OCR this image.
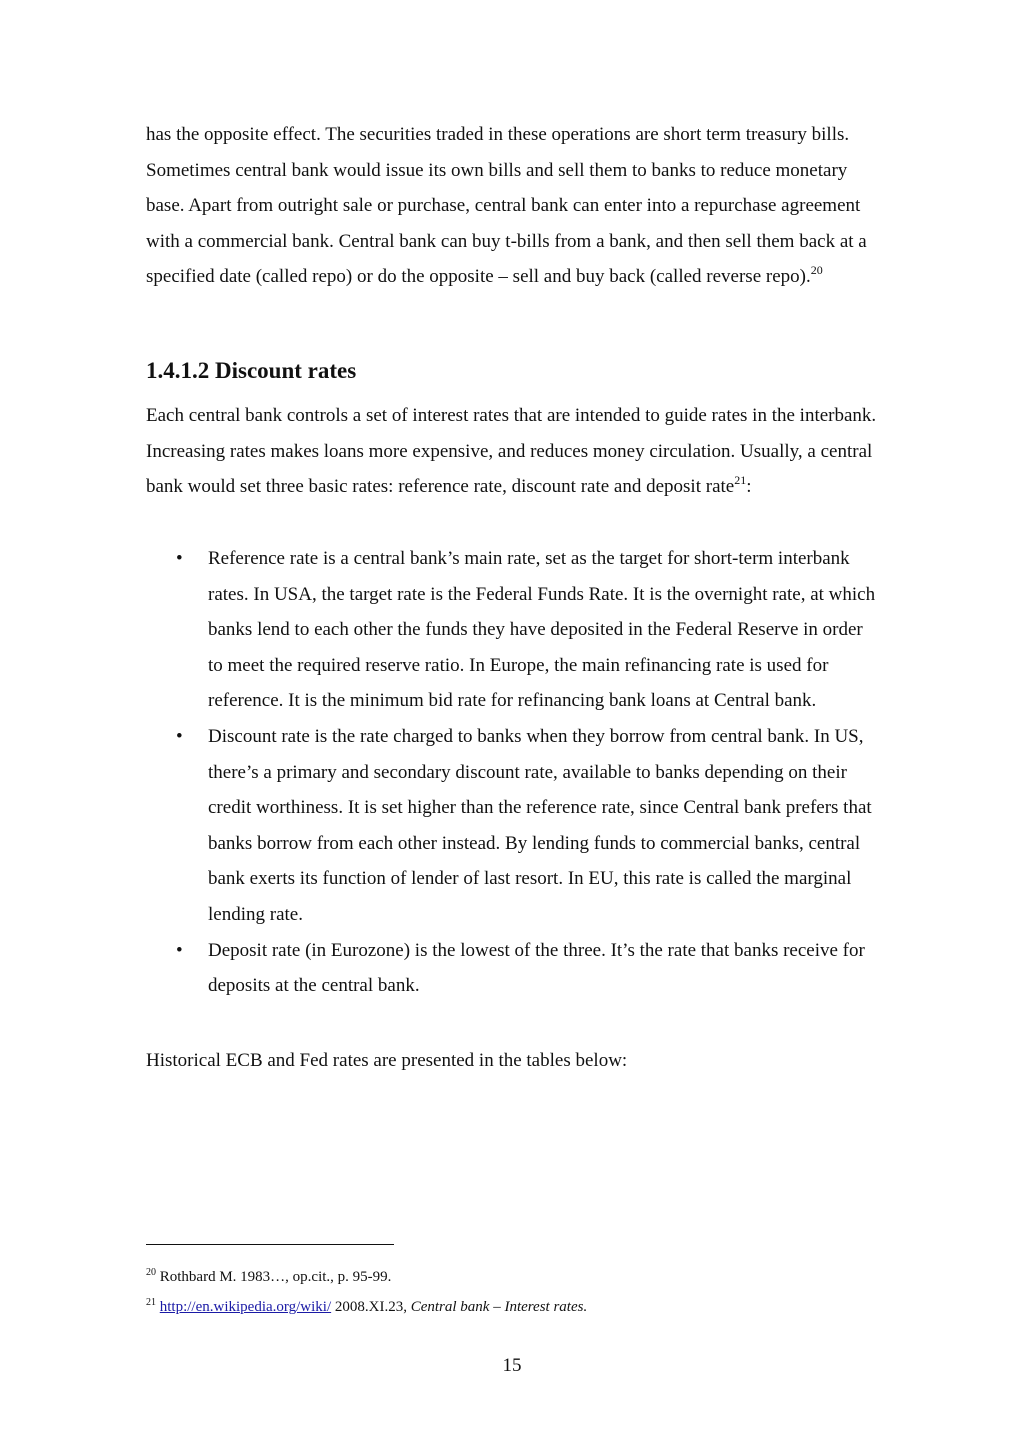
has the opposite effect. The securities traded in these operations are short term treasury bills. Sometimes central bank would issue its own bills and sell them to banks to reduce monetary base. Apart from outright sale or purchase, central bank can enter into a repurchase agreement with a commercial bank. Central bank can buy t-bills from a bank, and then sell them back at a specified date (called repo) or do the opposite – sell and buy back (called reverse repo).$^{20}$

1.4.1.2 Discount rates

Each central bank controls a set of interest rates that are intended to guide rates in the interbank. Increasing rates makes loans more expensive, and reduces money circulation. Usually, a central bank would set three basic rates: reference rate, discount rate and deposit rate$^{21}$:

• Reference rate is a central bank’s main rate, set as the target for short-term interbank rates. In USA, the target rate is the Federal Funds Rate. It is the overnight rate, at which banks lend to each other the funds they have deposited in the Federal Reserve in order to meet the required reserve ratio. In Europe, the main refinancing rate is used for reference. It is the minimum bid rate for refinancing bank loans at Central bank.
• Discount rate is the rate charged to banks when they borrow from central bank. In US, there’s a primary and secondary discount rate, available to banks depending on their credit worthiness. It is set higher than the reference rate, since Central bank prefers that banks borrow from each other instead. By lending funds to commercial banks, central bank exerts its function of lender of last resort. In EU, this rate is called the marginal lending rate.
• Deposit rate (in Eurozone) is the lowest of the three. It’s the rate that banks receive for deposits at the central bank.

Historical ECB and Fed rates are presented in the tables below:

$^{20}$ Rothbard M. 1983…, op.cit., p. 95-99.
$^{21}$ http://en.wikipedia.org/wiki/ 2008.XI.23, Central bank – Interest rates.
15
